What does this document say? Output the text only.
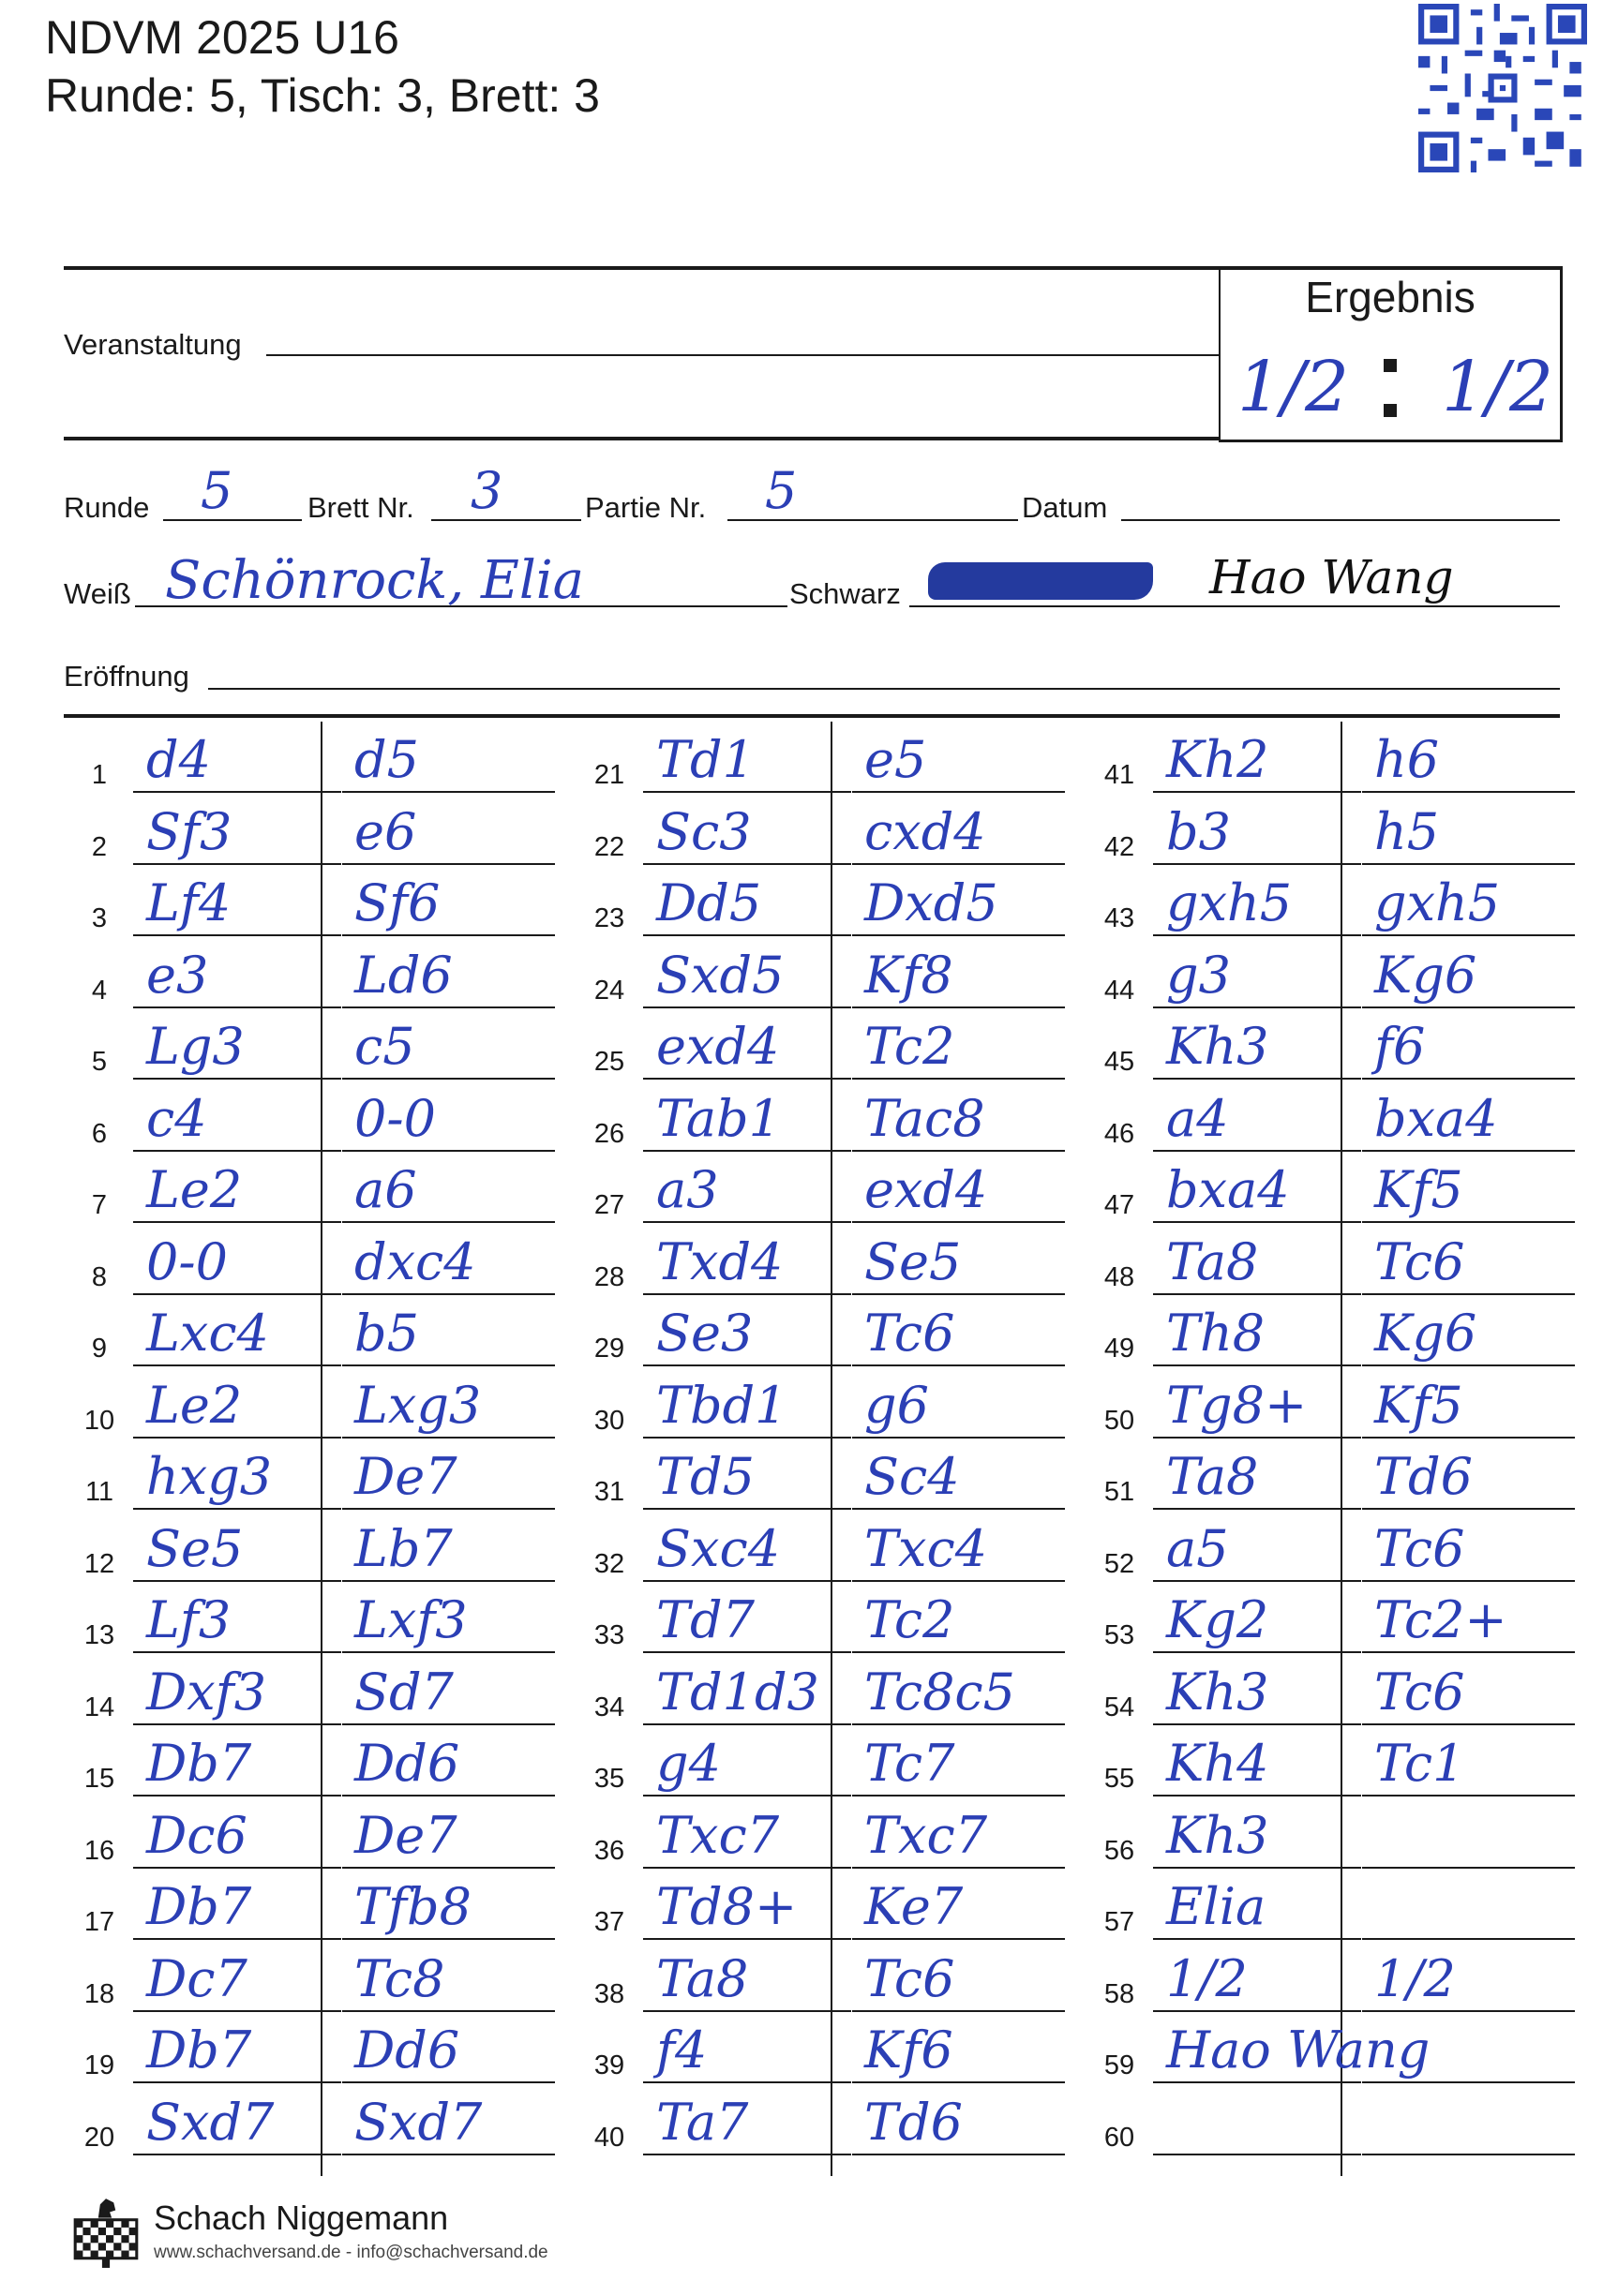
NDVM 2025 U16
Runde: 5, Tisch: 3, Brett: 3
Veranstaltung
Ergebnis
1/2 1/2
Runde 5	Brett Nr. 3	Partie Nr. 5	Datum
Weiß Schönrock, Elia	Schwarz	Hao Wang
Eröffnung
1 d4	d5
2 Sf3 e6
3 Lf4 Sf6
4 e3	Ld6
5 Lg3 c5
6 c4	0-0
7 Le2 a6
8 0-0	dxc4
9 Lxc4 b5
10 Le2 Lxg3
11 hxg3 De7
12 Se5 Lb7
13 Lf3 Lxf3
14 Dxf3 Sd7
15 Db7 Dd6
16 Dc6 De7
17 Db7 Tfb8
18 Dc7 Tc8
19 Db7 Dd6
20 Sxd7 Sxd7
21 Td1 e5
22 Sc3 cxd4
23 Dd5 Dxd5
24 Sxd5 Kf8
25 exd4 Tc2
26 Tab1 Tac8
27 a3	exd4
28 Txd4 Se5
29 Se3 Tc6
30 Tbd1 g6
31 Td5 Sc4
32 Sxc4 Txc4
33 Td7 Tc2
34 Td1d3 Tc8c5
35 g4	Tc7
36 Txc7 Txc7
37 Td8+ Ke7
38 Ta8 Tc6
39 f4	Kf6
40 Ta7 Td6
41 Kh2 h6
42 b3	h5
43 gxh5 gxh5
44 g3	Kg6
45 Kh3 f6
46 a4	bxa4
47 bxa4 Kf5
48 Ta8 Tc6
49 Th8 Kg6
50 Tg8+ Kf5
51 Ta8 Td6
52 a5	Tc6
53 Kg2 Tc2+
54 Kh3 Tc6
55 Kh4 Tc1
56 Kh3
57 Elia
58 1/2	1/2
59 Hao Wang
60
Schach Niggemann
www.schachversand.de - info@schachversand.de
